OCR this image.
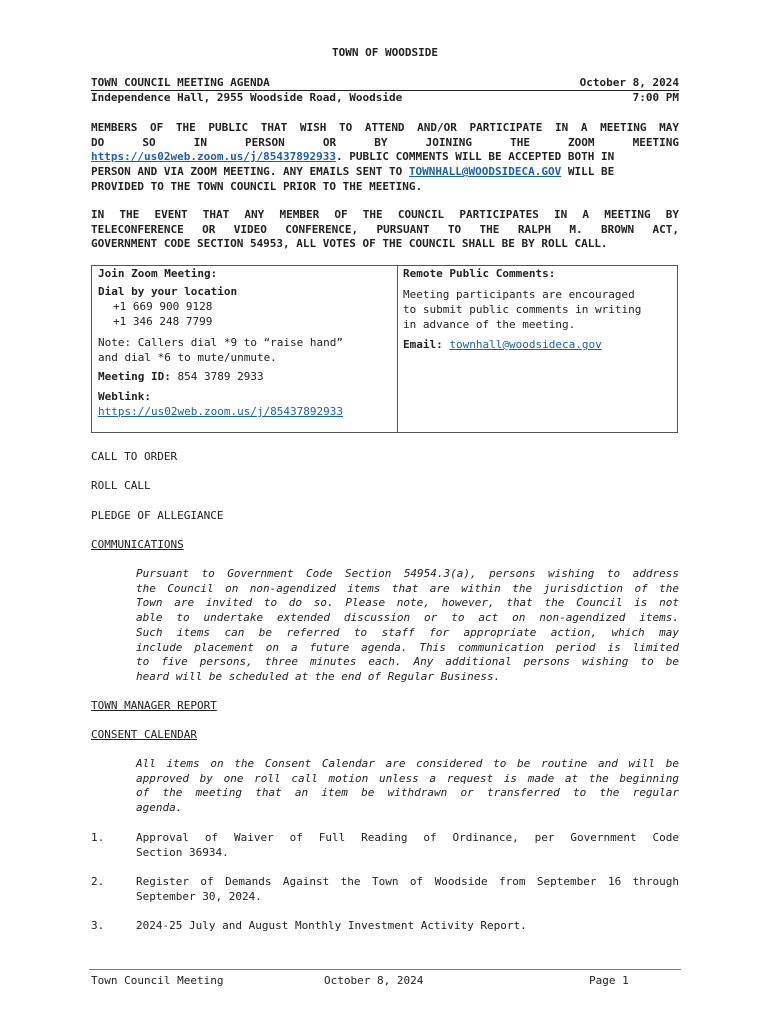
TOWN OF WOODSIDE
TOWN COUNCIL MEETING AGENDA	October 8, 2024
Independence Hall, 2955 Woodside Road, Woodside	7:00 PM
MEMBERS OF THE PUBLIC THAT WISH TO ATTEND AND/OR PARTICIPATE IN A MEETING MAY
DO SO IN PERSON OR BY JOINING THE ZOOM MEETING
https://us02web.zoom.us/j/85437892933. PUBLIC COMMENTS WILL BE ACCEPTED BOTH IN
PERSON AND VIA ZOOM MEETING. ANY EMAILS SENT TO TOWNHALL@WOODSIDECA.GOV WILL BE
PROVIDED TO THE TOWN COUNCIL PRIOR TO THE MEETING.
IN THE EVENT THAT ANY MEMBER OF THE COUNCIL PARTICIPATES IN A MEETING BY
TELECONFERENCE OR VIDEO CONFERENCE, PURSUANT TO THE RALPH M. BROWN ACT,
GOVERNMENT CODE SECTION 54953, ALL VOTES OF THE COUNCIL SHALL BE BY ROLL CALL.
Join Zoom Meeting:
Dial by your location
+1 669 900 9128
+1 346 248 7799
Note: Callers dial *9 to “raise hand”
and dial *6 to mute/unmute.
Meeting ID: 854 3789 2933
Weblink:
https://us02web.zoom.us/j/85437892933
Remote Public Comments:
Meeting participants are encouraged
to submit public comments in writing
in advance of the meeting.
Email: townhall@woodsideca.gov
CALL TO ORDER
ROLL CALL
PLEDGE OF ALLEGIANCE
COMMUNICATIONS
Pursuant to Government Code Section 54954.3(a), persons wishing to address
the Council on non-agendized items that are within the jurisdiction of the
Town are invited to do so. Please note, however, that the Council is not
able to undertake extended discussion or to act on non-agendized items.
Such items can be referred to staff for appropriate action, which may
include placement on a future agenda. This communication period is limited
to five persons, three minutes each. Any additional persons wishing to be
heard will be scheduled at the end of Regular Business.
TOWN MANAGER REPORT
CONSENT CALENDAR
All items on the Consent Calendar are considered to be routine and will be
approved by one roll call motion unless a request is made at the beginning
of the meeting that an item be withdrawn or transferred to the regular
agenda.
1.	Approval of Waiver of Full Reading of Ordinance, per Government Code
Section 36934.
2.	Register of Demands Against the Town of Woodside from September 16 through
September 30, 2024.
3.	2024-25 July and August Monthly Investment Activity Report.
Town Council Meeting	October 8, 2024	Page 1
